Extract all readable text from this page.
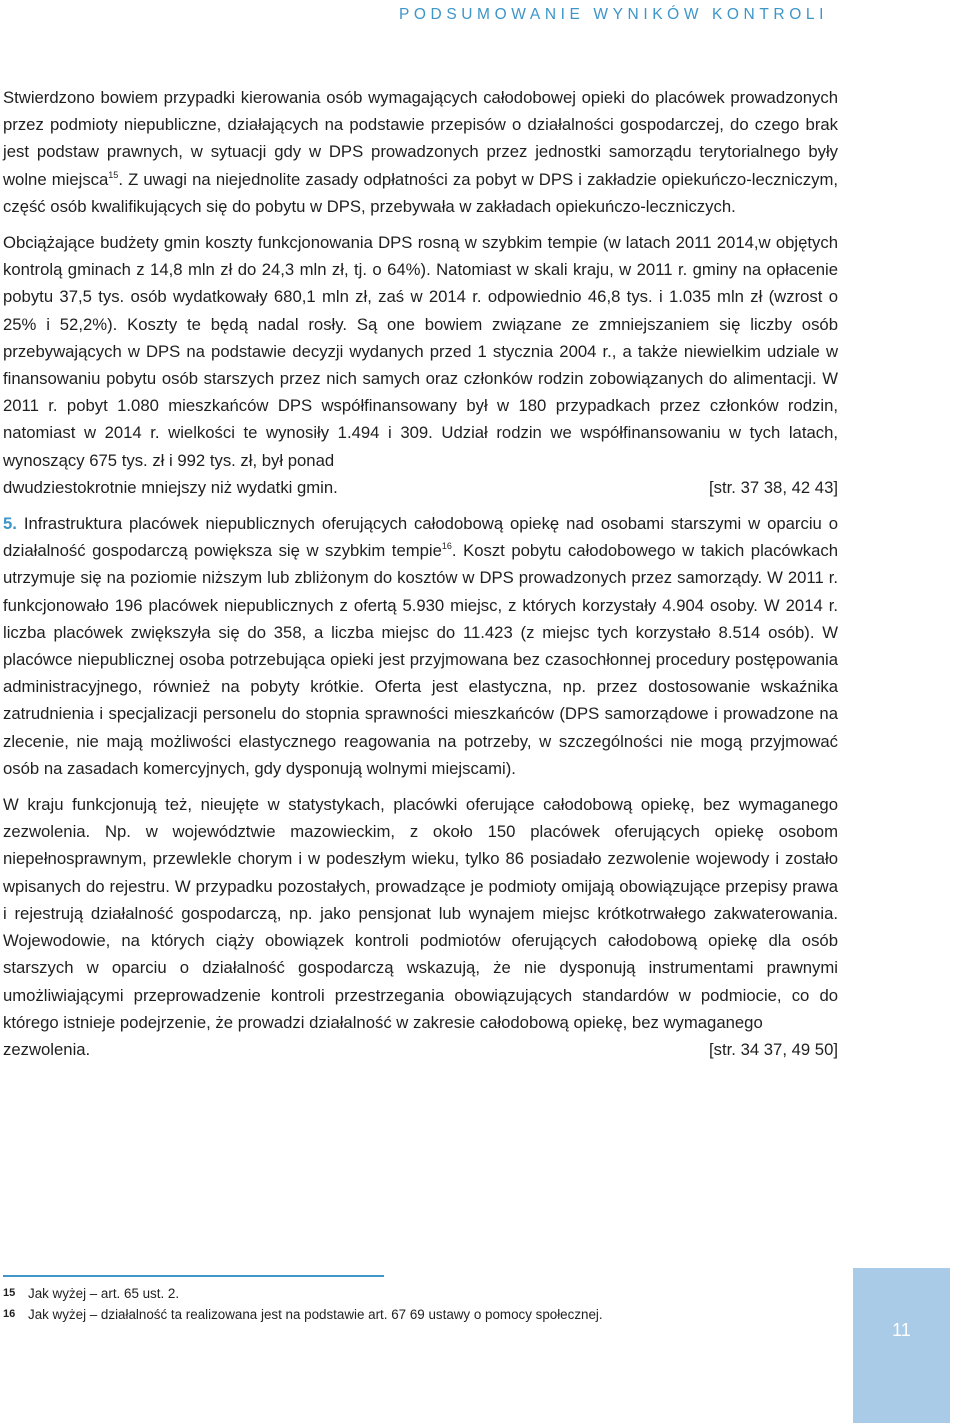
PODSUMOWANIE WYNIKÓW KONTROLI

Stwierdzono bowiem przypadki kierowania osób wymagających całodobowej opieki do placówek prowadzonych przez podmioty niepubliczne, działających na podstawie przepisów o działalności gospodarczej, do czego brak jest podstaw prawnych, w sytuacji gdy w DPS prowadzonych przez jednostki samorządu terytorialnego były wolne miejsca$^{15}$. Z uwagi na niejednolite zasady odpłatności za pobyt w DPS i zakładzie opiekuńczo-leczniczym, część osób kwalifikujących się do pobytu w DPS, przebywała w zakładach opiekuńczo-leczniczych.

Obciążające budżety gmin koszty funkcjonowania DPS rosną w szybkim tempie (w latach 2011 2014,w objętych kontrolą gminach z 14,8 mln zł do 24,3 mln zł, tj. o 64%). Natomiast w skali kraju, w 2011 r. gminy na opłacenie pobytu 37,5 tys. osób wydatkowały 680,1 mln zł, zaś w 2014 r. odpowiednio 46,8 tys. i 1.035 mln zł (wzrost o 25% i 52,2%). Koszty te będą nadal rosły. Są one bowiem związane ze zmniejszaniem się liczby osób przebywających w DPS na podstawie decyzji wydanych przed 1 stycznia 2004 r., a także niewielkim udziale w finansowaniu pobytu osób starszych przez nich samych oraz członków rodzin zobowiązanych do alimentacji. W 2011 r. pobyt 1.080 mieszkańców DPS współfinansowany był w 180 przypadkach przez członków rodzin, natomiast w 2014 r. wielkości te wynosiły 1.494 i 309. Udział rodzin we współfinansowaniu w tych latach, wynoszący 675 tys. zł i 992 tys. zł, był ponad
dwudziestokrotnie mniejszy niż wydatki gmin.	[str. 37 38, 42 43]

5. Infrastruktura placówek niepublicznych oferujących całodobową opiekę nad osobami starszymi w oparciu o działalność gospodarczą powiększa się w szybkim tempie$^{16}$. Koszt pobytu całodobowego w takich placówkach utrzymuje się na poziomie niższym lub zbliżonym do kosztów w DPS prowadzonych przez samorządy. W 2011 r. funkcjonowało 196 placówek niepublicznych z ofertą 5.930 miejsc, z których korzystały 4.904 osoby. W 2014 r. liczba placówek zwiększyła się do 358, a liczba miejsc do 11.423 (z miejsc tych korzystało 8.514 osób). W placówce niepublicznej osoba potrzebująca opieki jest przyjmowana bez czasochłonnej procedury postępowania administracyjnego, również na pobyty krótkie. Oferta jest elastyczna, np. przez dostosowanie wskaźnika zatrudnienia i specjalizacji personelu do stopnia sprawności mieszkańców (DPS samorządowe i prowadzone na zlecenie, nie mają możliwości elastycznego reagowania na potrzeby, w szczególności nie mogą przyjmować osób na zasadach komercyjnych, gdy dysponują wolnymi miejscami).

W kraju funkcjonują też, nieujęte w statystykach, placówki oferujące całodobową opiekę, bez wymaganego zezwolenia. Np. w województwie mazowieckim, z około 150 placówek oferujących opiekę osobom niepełnosprawnym, przewlekle chorym i w podeszłym wieku, tylko 86 posiadało zezwolenie wojewody i zostało wpisanych do rejestru. W przypadku pozostałych, prowadzące je podmioty omijają obowiązujące przepisy prawa i rejestrują działalność gospodarczą, np. jako pensjonat lub wynajem miejsc krótkotrwałego zakwaterowania. Wojewodowie, na których ciąży obowiązek kontroli podmiotów oferujących całodobową opiekę dla osób starszych w oparciu o działalność gospodarczą wskazują, że nie dysponują instrumentami prawnymi umożliwiającymi przeprowadzenie kontroli przestrzegania obowiązujących standardów w podmiocie, co do którego istnieje podejrzenie, że prowadzi działalność w zakresie całodobową opiekę, bez wymaganego
zezwolenia.	[str. 34 37, 49 50]

15 Jak wyżej – art. 65 ust. 2.
16 Jak wyżej – działalność ta realizowana jest na podstawie art. 67 69 ustawy o pomocy społecznej.
11
